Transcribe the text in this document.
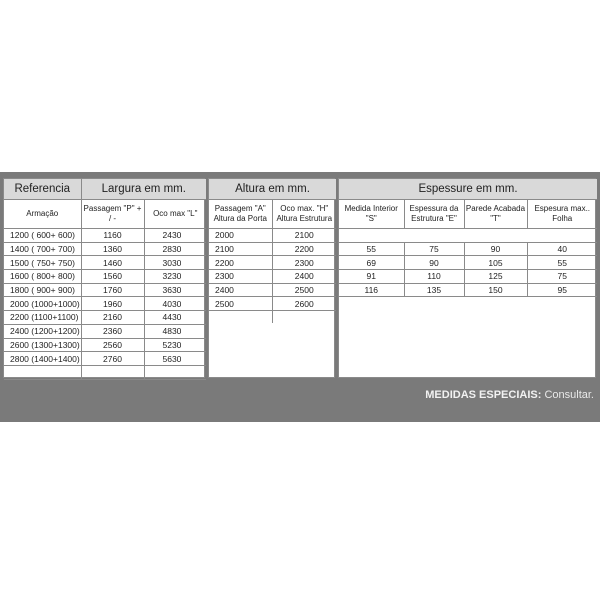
Referencia	Largura em mm.	
Armação	Passagem "P" + / -	Oco max "L"
1200 ( 600+ 600)	1160	2430
1400 ( 700+ 700)	1360	2830
1500 ( 750+ 750)	1460	3030
1600 ( 800+ 800)	1560	3230
1800 ( 900+ 900)	1760	3630
2000 (1000+1000)	1960	4030
2200 (1100+1100)	2160	4430
2400 (1200+1200)	2360	4830
2600 (1300+1300)	2560	5230
2800 (1400+1400)	2760	5630

Altura em mm.	
Passagem "A" Altura da Porta	Oco max. "H" Altura Estrutura
2000	2100
2100	2200
2200	2300
2300	2400
2400	2500
2500	2600

Espessure em mm.			
Medida Interior "S"	Espessura da Estrutura "E"	Parede Acabada "T"	Espesura max.. Folha

55	75	90	40
69	90	105	55
91	110	125	75
116	135	150	95
MEDIDAS ESPECIAIS: Consultar.
